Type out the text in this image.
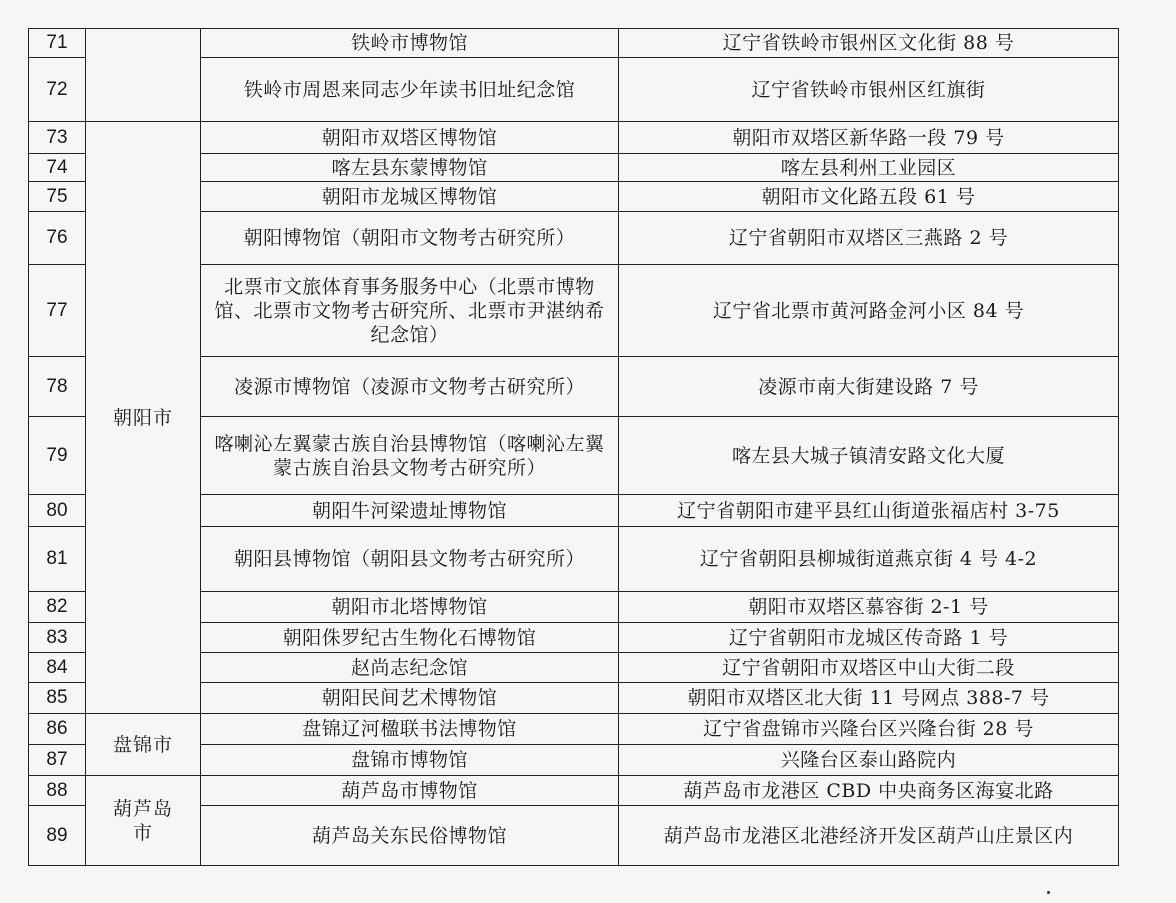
71		铁岭市博物馆	辽宁省铁岭市银州区文化街 88 号
72		铁岭市周恩来同志少年读书旧址纪念馆	辽宁省铁岭市银州区红旗街
73	朝阳市	朝阳市双塔区博物馆	朝阳市双塔区新华路一段 79 号
74		喀左县东蒙博物馆	喀左县利州工业园区
75		朝阳市龙城区博物馆	朝阳市文化路五段 61 号
76		朝阳博物馆（朝阳市文物考古研究所）	辽宁省朝阳市双塔区三燕路 2 号
77		北票市文旅体育事务服务中心（北票市博物馆、北票市文物考古研究所、北票市尹湛纳希纪念馆）	辽宁省北票市黄河路金河小区 84 号
78		凌源市博物馆（凌源市文物考古研究所）	凌源市南大街建设路 7 号
79		喀喇沁左翼蒙古族自治县博物馆（喀喇沁左翼蒙古族自治县文物考古研究所）	喀左县大城子镇清安路文化大厦
80		朝阳牛河梁遗址博物馆	辽宁省朝阳市建平县红山街道张福店村 3-75
81		朝阳县博物馆（朝阳县文物考古研究所）	辽宁省朝阳县柳城街道燕京街 4 号 4-2
82		朝阳市北塔博物馆	朝阳市双塔区慕容街 2-1 号
83		朝阳侏罗纪古生物化石博物馆	辽宁省朝阳市龙城区传奇路 1 号
84		赵尚志纪念馆	辽宁省朝阳市双塔区中山大街二段
85		朝阳民间艺术博物馆	朝阳市双塔区北大街 11 号网点 388-7 号
86	盘锦市	盘锦辽河楹联书法博物馆	辽宁省盘锦市兴隆台区兴隆台街 28 号
87		盘锦市博物馆	兴隆台区泰山路院内
88	葫芦岛市	葫芦岛市博物馆	葫芦岛市龙港区 CBD 中央商务区海宴北路
89		葫芦岛关东民俗博物馆	葫芦岛市龙港区北港经济开发区葫芦山庄景区内
